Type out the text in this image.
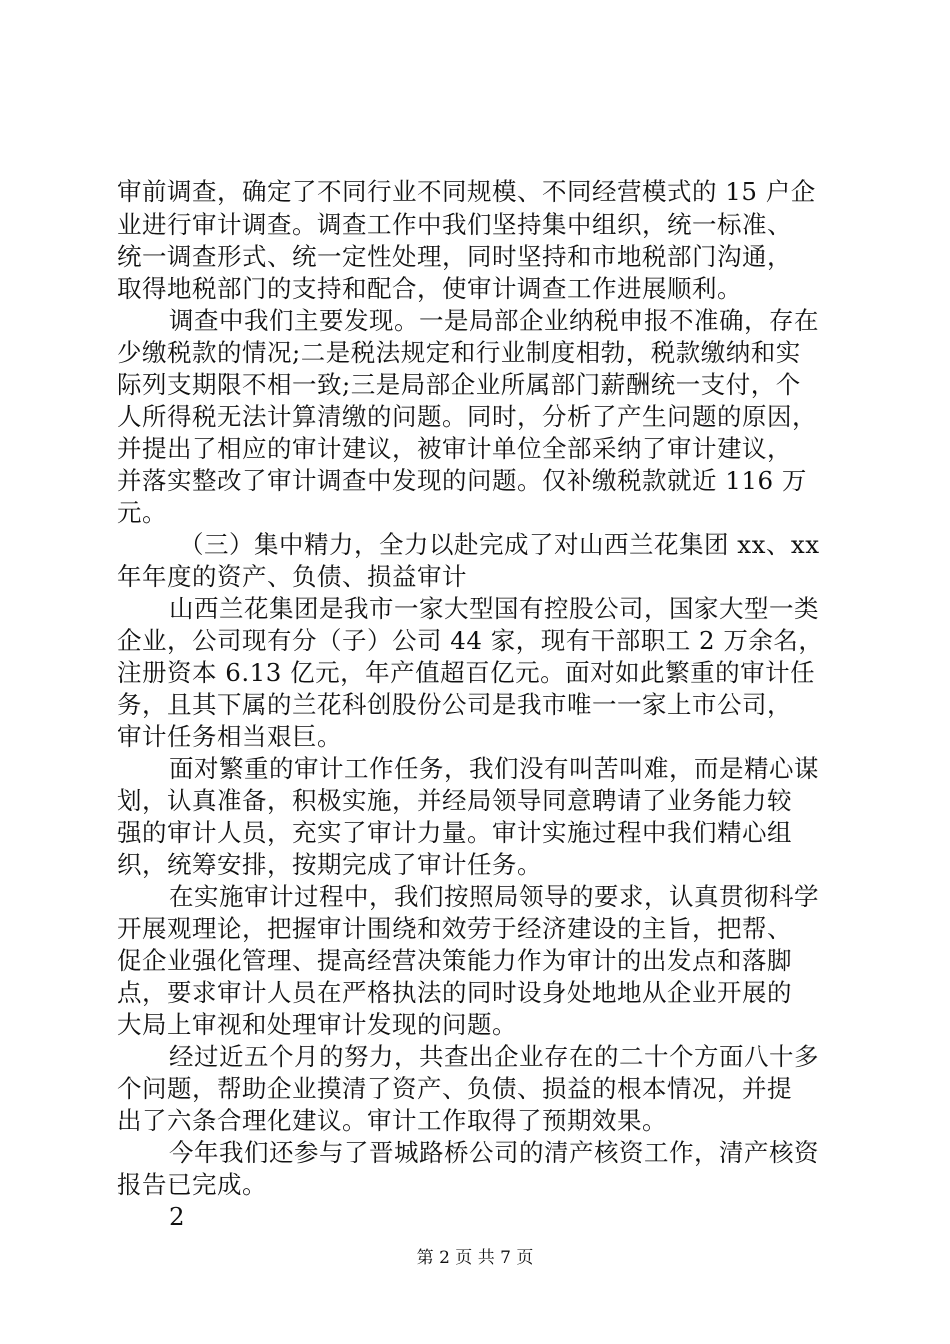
审前调查，确定了不同行业不同规模、不同经营模式的 15 户企
业进行审计调查。调查工作中我们坚持集中组织，统一标准、
统一调查形式、统一定性处理，同时坚持和市地税部门沟通，
取得地税部门的支持和配合，使审计调查工作进展顺利。
调查中我们主要发现。一是局部企业纳税申报不准确，存在
少缴税款的情况;二是税法规定和行业制度相勃，税款缴纳和实
际列支期限不相一致;三是局部企业所属部门薪酬统一支付，个
人所得税无法计算清缴的问题。同时，分析了产生问题的原因，
并提出了相应的审计建议，被审计单位全部采纳了审计建议，
并落实整改了审计调查中发现的问题。仅补缴税款就近 116 万
元。
（三）集中精力，全力以赴完成了对山西兰花集团 xx、xx
年年度的资产、负债、损益审计
山西兰花集团是我市一家大型国有控股公司，国家大型一类
企业，公司现有分（子）公司 44 家，现有干部职工 2 万余名，
注册资本 6.13 亿元，年产值超百亿元。面对如此繁重的审计任
务，且其下属的兰花科创股份公司是我市唯一一家上市公司，
审计任务相当艰巨。
面对繁重的审计工作任务，我们没有叫苦叫难，而是精心谋
划，认真准备，积极实施，并经局领导同意聘请了业务能力较
强的审计人员，充实了审计力量。审计实施过程中我们精心组
织，统筹安排，按期完成了审计任务。
在实施审计过程中，我们按照局领导的要求，认真贯彻科学
开展观理论，把握审计围绕和效劳于经济建设的主旨，把帮、
促企业强化管理、提高经营决策能力作为审计的出发点和落脚
点，要求审计人员在严格执法的同时设身处地地从企业开展的
大局上审视和处理审计发现的问题。
经过近五个月的努力，共查出企业存在的二十个方面八十多
个问题，帮助企业摸清了资产、负债、损益的根本情况，并提
出了六条合理化建议。审计工作取得了预期效果。
今年我们还参与了晋城路桥公司的清产核资工作，清产核资
报告已完成。
2
第 2 页 共 7 页
